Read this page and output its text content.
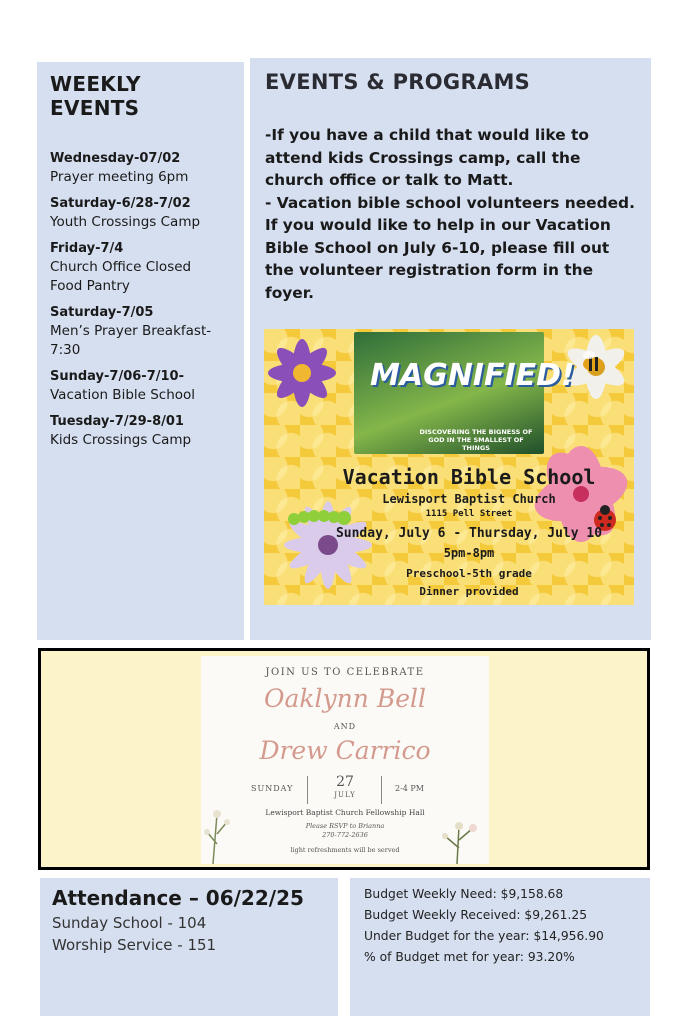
WEEKLY EVENTS
Wednesday-07/02
Prayer meeting 6pm
Saturday-6/28-7/02
Youth Crossings Camp
Friday-7/4
Church Office Closed
Food Pantry
Saturday-7/05
Men’s Prayer Breakfast-
7:30
Sunday-7/06-7/10-
Vacation Bible School
Tuesday-7/29-8/01
Kids Crossings Camp
EVENTS & PROGRAMS

-If you have a child that would like to attend kids Crossings camp, call the church office or talk to Matt.

- Vacation bible school volunteers needed. If you would like to help in our Vacation Bible School on July 6-10, please fill out the volunteer registration form in the foyer.

MAGNIFIED!
DISCOVERING THE BIGNESS OF GOD IN THE SMALLEST OF THINGS
Vacation Bible School
Lewisport Baptist Church
1115 Pell Street
Sunday, July 6 - Thursday, July 10
5pm-8pm
Preschool-5th grade
Dinner provided
JOIN US TO CELEBRATE
Oaklynn Bell
AND
Drew Carrico
SUNDAY	27
JULY
2-4 PM
Lewisport Baptist Church Fellowship Hall
Please RSVP to Brianna
270-772-2636
light refreshments will be served
Attendance – 06/22/25
Sunday School - 104
Worship Service - 151
Budget Weekly Need: $9,158.68
Budget Weekly Received: $9,261.25
Under Budget for the year: $14,956.90
% of Budget met for year: 93.20%
